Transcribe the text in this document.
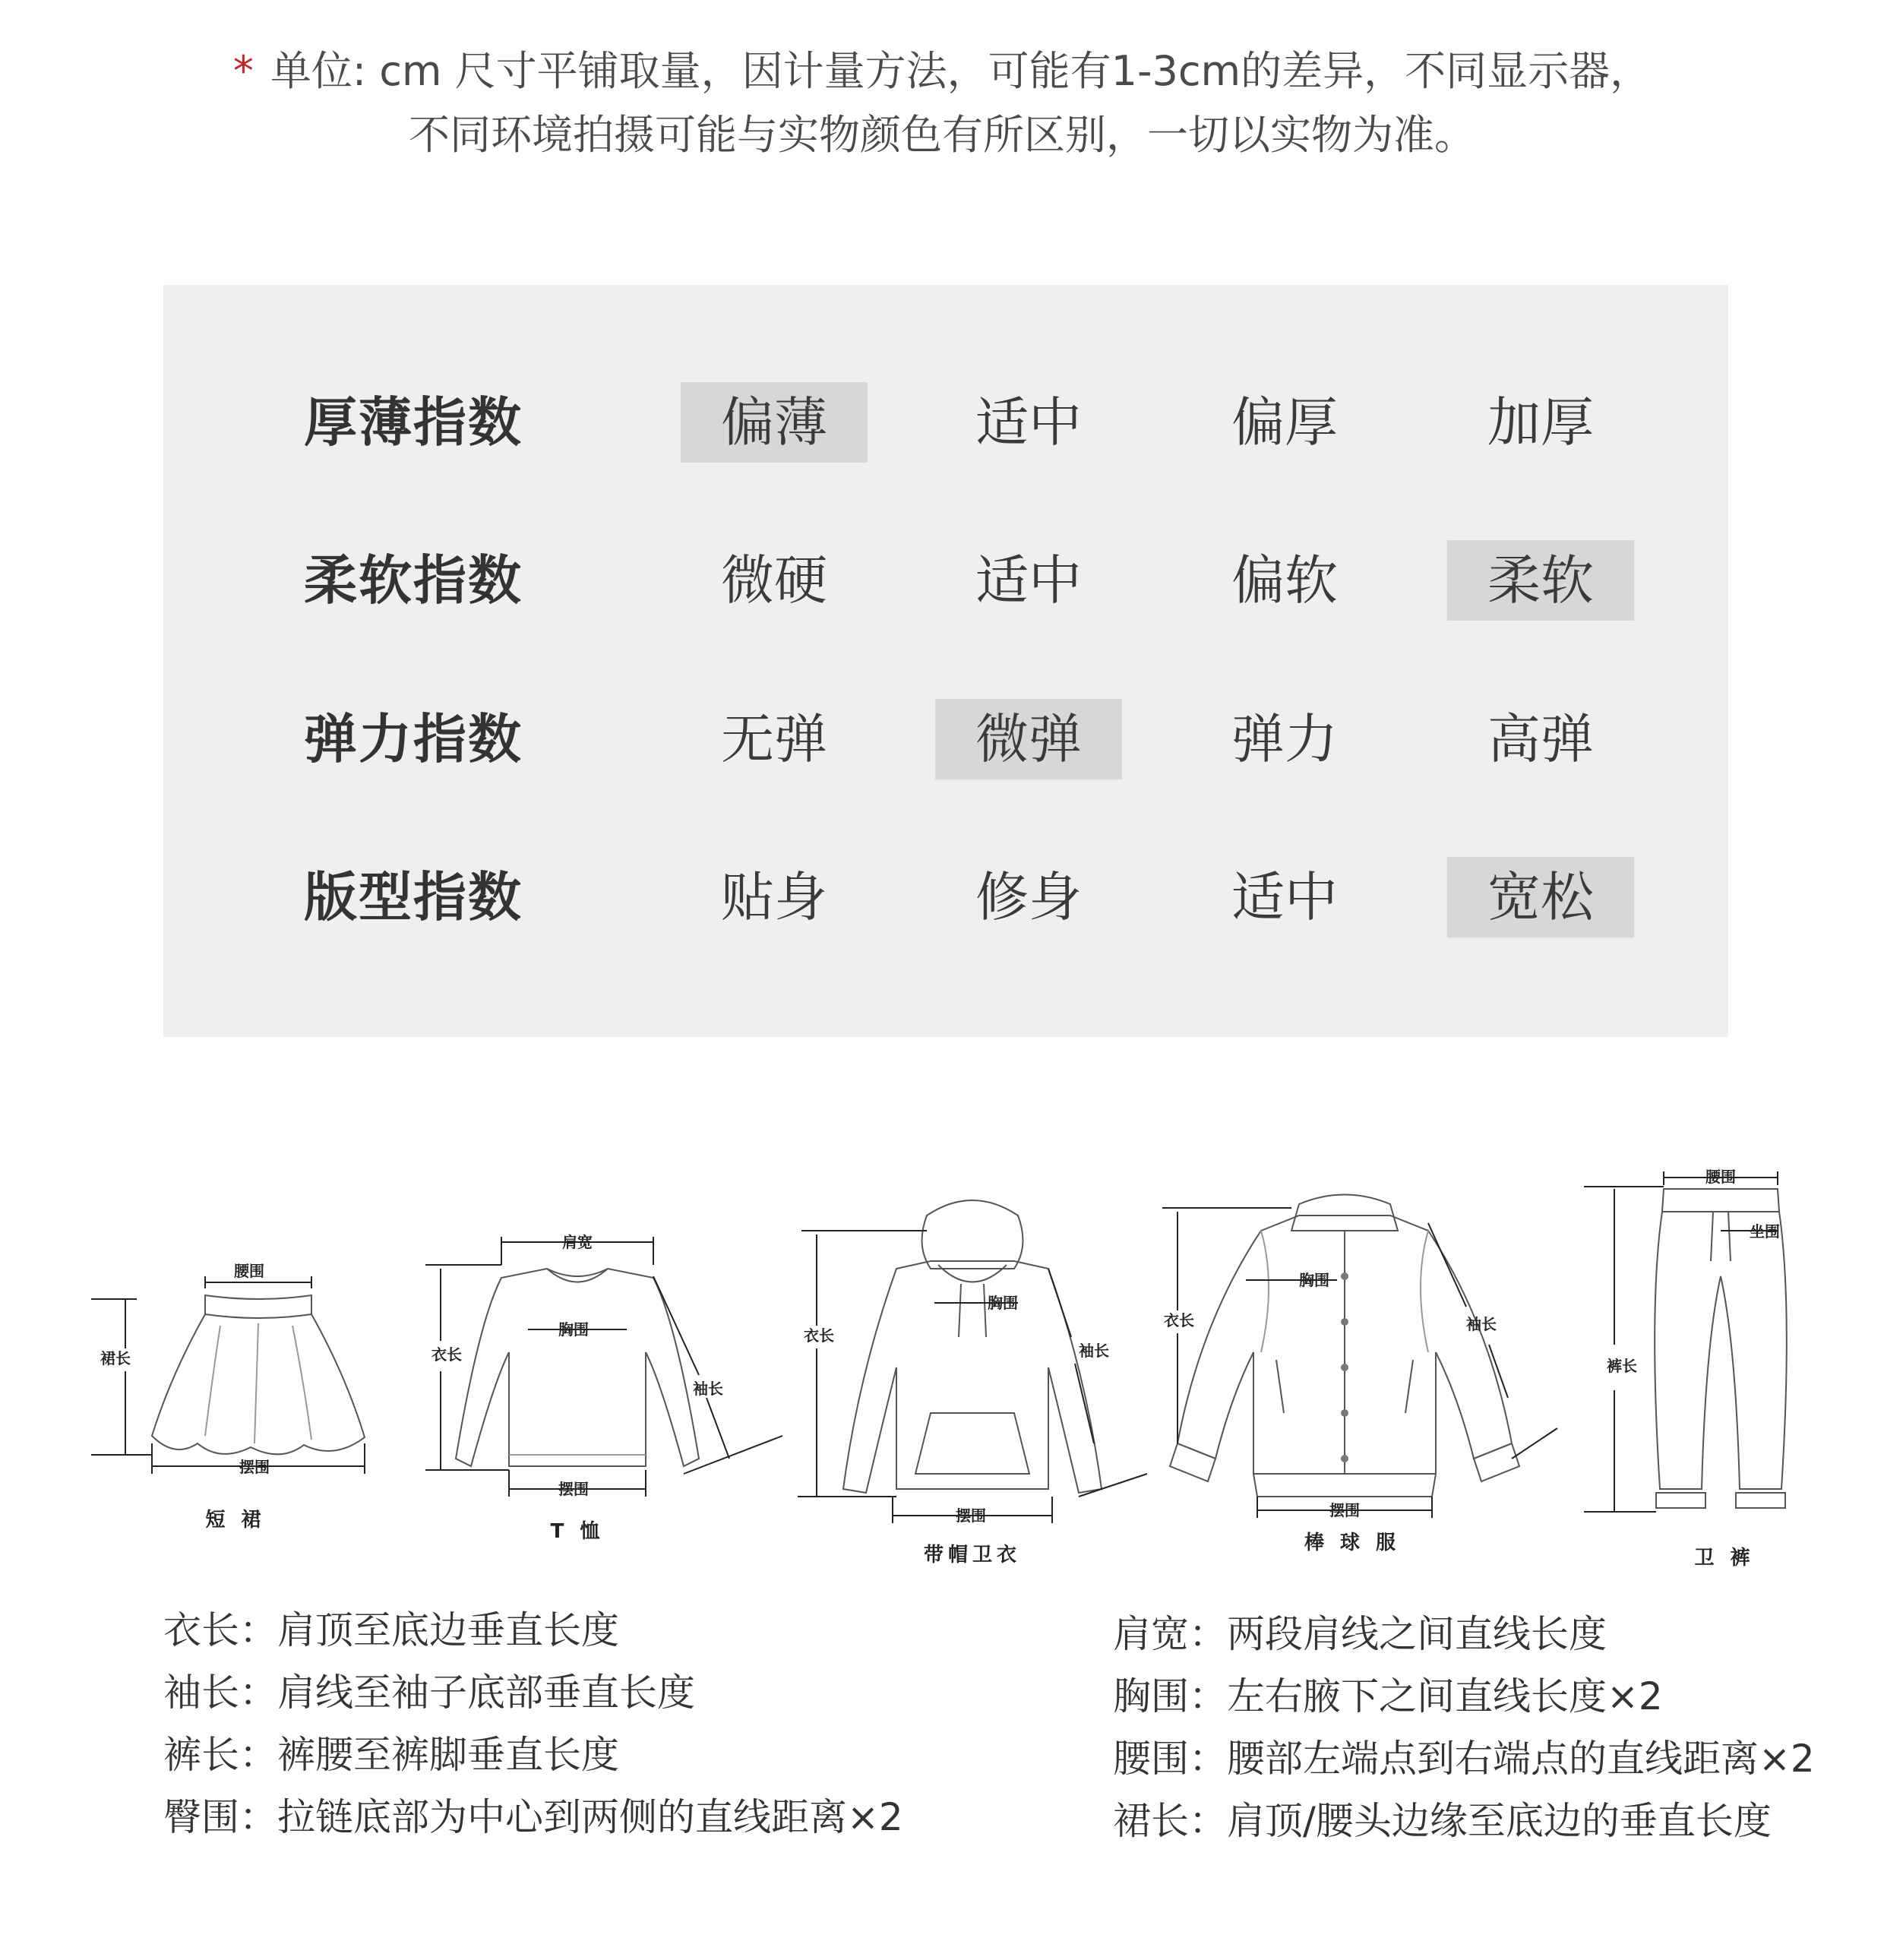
* 单位: cm 尺寸平铺取量，因计量方法，可能有1-3cm的差异，不同显示器，
不同环境拍摄可能与实物颜色有所区别，一切以实物为准。
厚薄指数	偏薄	适中	偏厚	加厚
柔软指数	微硬	适中	偏软	柔软
弹力指数	无弹	微弹	弹力	高弹
版型指数	贴身	修身	适中	宽松
腰围
裙长
摆围
短 裙
肩宽
胸围
衣长
袖长
摆围
T 恤
胸围
衣长
袖长
摆围
带帽卫衣
胸围
衣长	袖长
摆围
棒 球 服
腰围
坐围
裤长
卫 裤
衣长：肩顶至底边垂直长度
袖长：肩线至袖子底部垂直长度
裤长：裤腰至裤脚垂直长度
臀围：拉链底部为中心到两侧的直线距离×2
肩宽：两段肩线之间直线长度
胸围：左右腋下之间直线长度×2
腰围：腰部左端点到右端点的直线距离×2
裙长：肩顶/腰头边缘至底边的垂直长度
